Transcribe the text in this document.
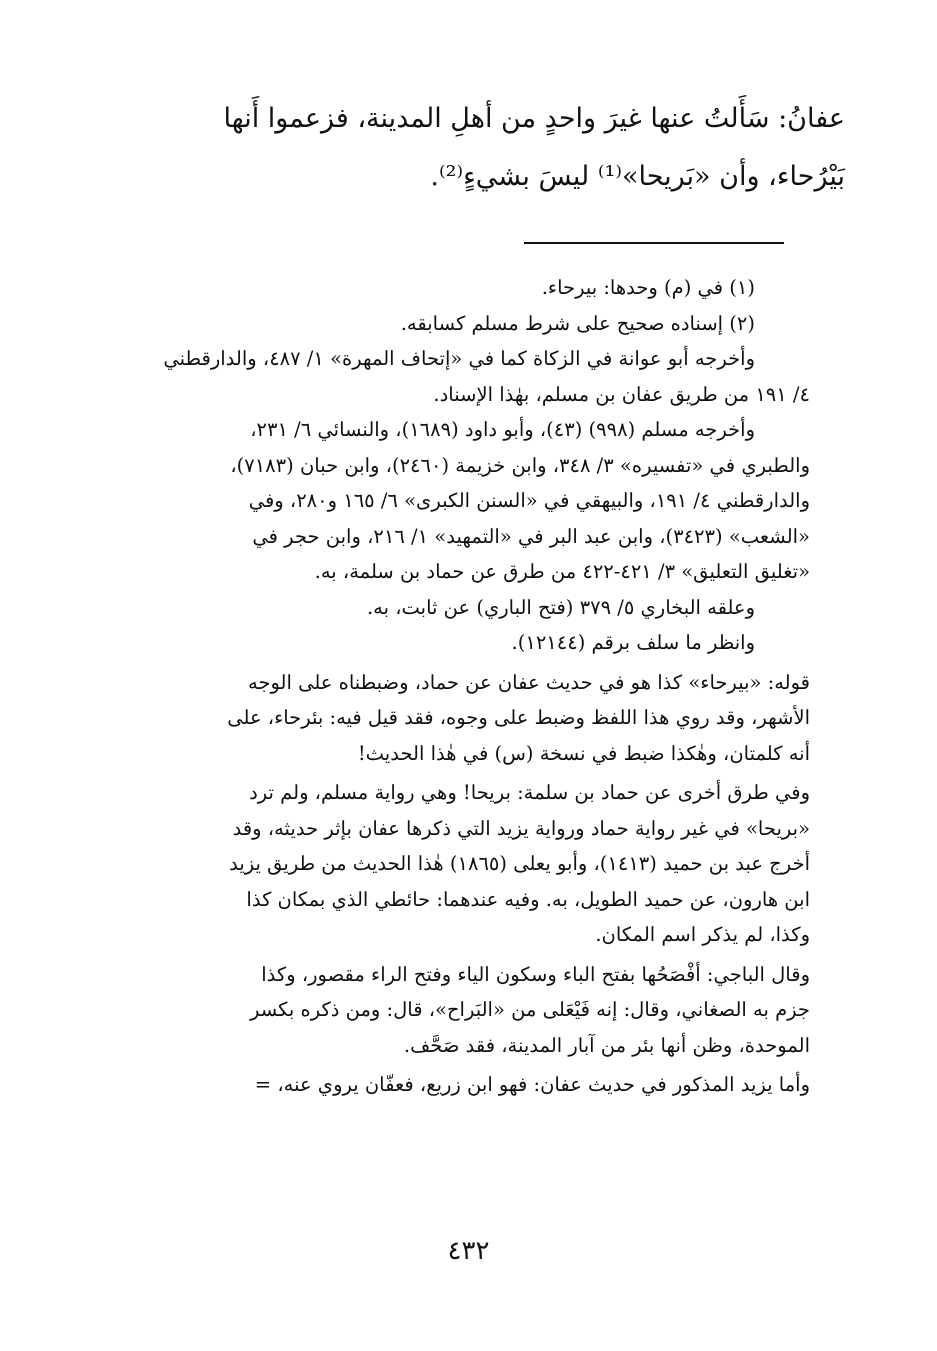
عفانُ: سَأَلتُ عنها غيرَ واحدٍ من أهلِ المدينة، فزعموا أَنها
بَيْرُحاء، وأن «بَريحا»⁽¹⁾ ليسَ بشيءٍ⁽²⁾.
(١) في (م) وحدها: بيرحاء.
(٢) إسناده صحيح على شرط مسلم كسابقه.
وأخرجه أبو عوانة في الزكاة كما في «إتحاف المهرة» ١/ ٤٨٧، والدارقطني
٤/ ١٩١ من طريق عفان بن مسلم، بهٰذا الإسناد.
وأخرجه مسلم (٩٩٨) (٤٣)، وأبو داود (١٦٨٩)، والنسائي ٦/ ٢٣١،
والطبري في «تفسيره» ٣/ ٣٤٨، وابن خزيمة (٢٤٦٠)، وابن حبان (٧١٨٣)،
والدارقطني ٤/ ١٩١، والبيهقي في «السنن الكبرى» ٦/ ١٦٥ و٢٨٠، وفي
«الشعب» (٣٤٢٣)، وابن عبد البر في «التمهيد» ١/ ٢١٦، وابن حجر في
«تغليق التعليق» ٣/ ٤٢١-٤٢٢ من طرق عن حماد بن سلمة، به.
وعلقه البخاري ٥/ ٣٧٩ (فتح الباري) عن ثابت، به.
وانظر ما سلف برقم (١٢١٤٤).
قوله: «بيرحاء» كذا هو في حديث عفان عن حماد، وضبطناه على الوجه
الأشهر، وقد روي هذا اللفظ وضبط على وجوه، فقد قيل فيه: بئرحاء، على
أنه كلمتان، وهٰكذا ضبط في نسخة (س) في هٰذا الحديث!
وفي طرق أخرى عن حماد بن سلمة: بريحا! وهي رواية مسلم، ولم ترد
«بريحا» في غير رواية حماد ورواية يزيد التي ذكرها عفان بإثر حديثه، وقد
أخرج عبد بن حميد (١٤١٣)، وأبو يعلى (١٨٦٥) هٰذا الحديث من طريق يزيد
ابن هارون، عن حميد الطويل، به. وفيه عندهما: حائطي الذي بمكان كذا
وكذا، لم يذكر اسم المكان.
وقال الباجي: أفْصَحُها بفتح الباء وسكون الياء وفتح الراء مقصور، وكذا
جزم به الصغاني، وقال: إنه فَيْعَلى من «البَراح»، قال: ومن ذكره بكسر
الموحدة، وظن أنها بئر من آبار المدينة، فقد صَحَّف.
وأما يزيد المذكور في حديث عفان: فهو ابن زريع، فعفّان يروي عنه، =
٤٣٢
